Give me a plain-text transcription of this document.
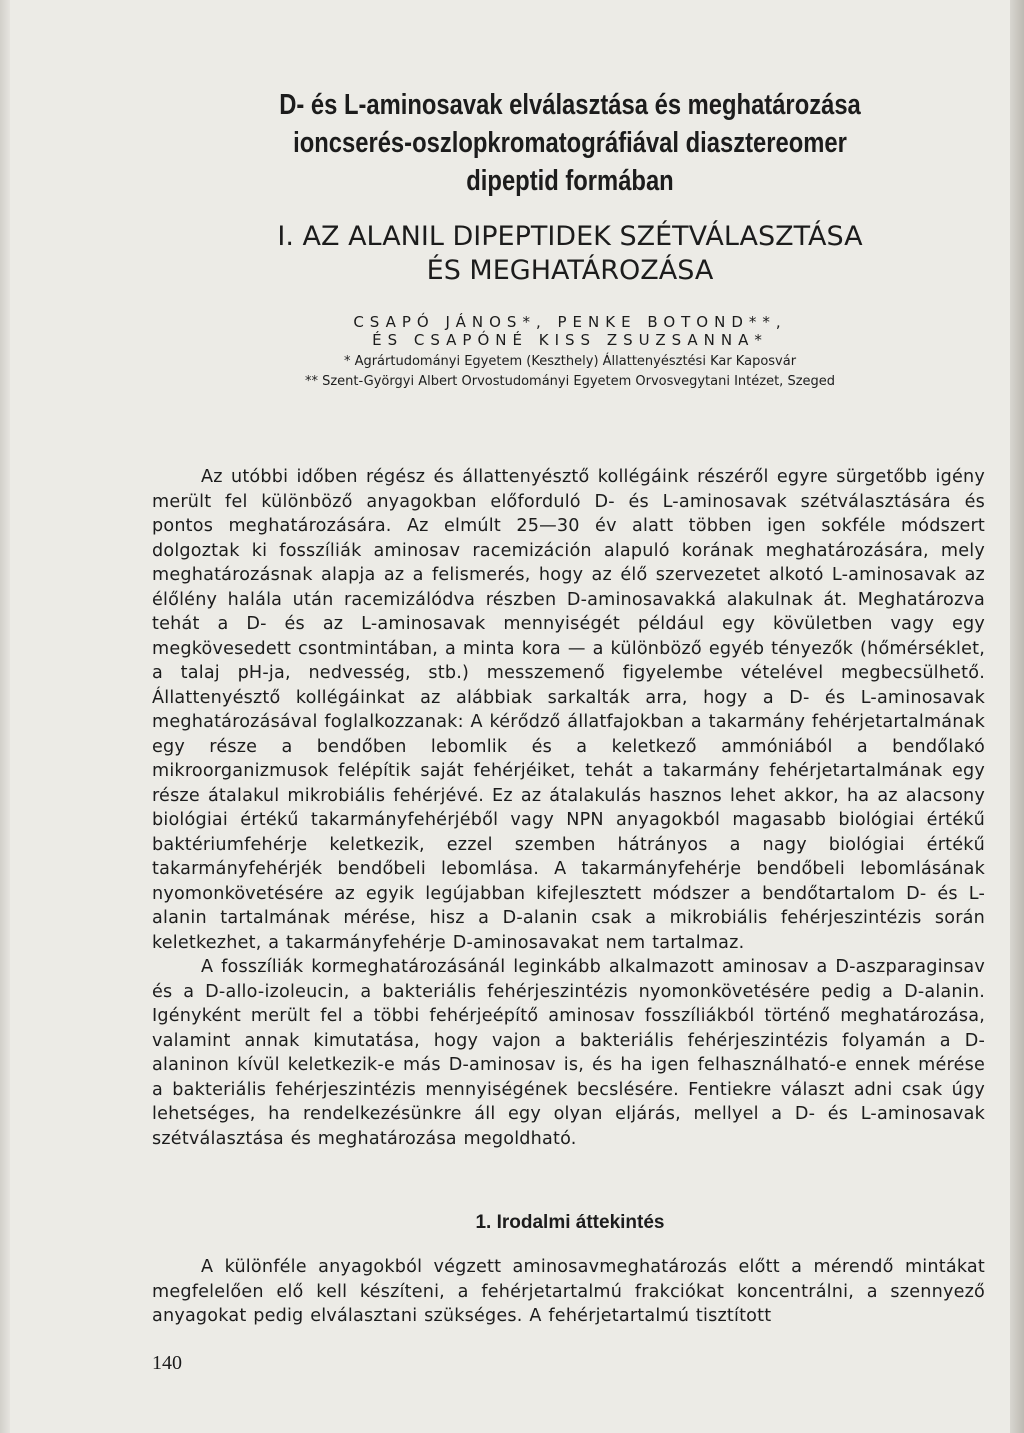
D- és L-aminosavak elválasztása és meghatározása
ioncserés-oszlopkromatográfiával diasztereomer
dipeptid formában
I. AZ ALANIL DIPEPTIDEK SZÉTVÁLASZTÁSA
ÉS MEGHATÁROZÁSA
CSAPÓ JÁNOS*, PENKE BOTOND**,
ÉS CSAPÓNÉ KISS ZSUZSANNA*
* Agrártudományi Egyetem (Keszthely) Állattenyésztési Kar Kaposvár
** Szent-Györgyi Albert Orvostudományi Egyetem Orvosvegytani Intézet, Szeged

Az utóbbi időben régész és állattenyésztő kollégáink részéről egyre sürgetőbb igény merült fel különböző anyagokban előforduló D- és L-aminosavak szétválasztására és pontos meghatározására. Az elmúlt 25—30 év alatt többen igen sokféle módszert dolgoztak ki fosszíliák aminosav racemizáción alapuló korának meghatározására, mely meghatározásnak alapja az a felismerés, hogy az élő szervezetet alkotó L-aminosavak az élőlény halála után racemizálódva részben D-aminosavakká alakulnak át. Meghatározva tehát a D- és az L-aminosavak mennyiségét például egy kövületben vagy egy megkövesedett csontmintában, a minta kora — a különböző egyéb tényezők (hőmérséklet, a talaj pH-ja, nedvesség, stb.) messzemenő figyelembe vételével megbecsülhető. Állattenyésztő kollégáinkat az alábbiak sarkalták arra, hogy a D- és L-aminosavak meghatározásával foglalkozzanak: A kérődző állatfajokban a takarmány fehérjetartalmának egy része a bendőben lebomlik és a keletkező ammóniából a bendőlakó mikroorganizmusok felépítik saját fehérjéiket, tehát a takarmány fehérjetartalmának egy része átalakul mikrobiális fehérjévé. Ez az átalakulás hasznos lehet akkor, ha az alacsony biológiai értékű takarmányfehérjéből vagy NPN anyagokból magasabb biológiai értékű baktériumfehérje keletkezik, ezzel szemben hátrányos a nagy biológiai értékű takarmányfehérjék bendőbeli lebomlása. A takarmányfehérje bendőbeli lebomlásának nyomonkövetésére az egyik legújabban kifejlesztett módszer a bendőtartalom D- és L-alanin tartalmának mérése, hisz a D-alanin csak a mikrobiális fehérjeszintézis során keletkezhet, a takarmányfehérje D-aminosavakat nem tartalmaz.

A fosszíliák kormeghatározásánál leginkább alkalmazott aminosav a D-aszparaginsav és a D-allo-izoleucin, a bakteriális fehérjeszintézis nyomonkövetésére pedig a D-alanin. Igényként merült fel a többi fehérjeépítő aminosav fosszíliákból történő meghatározása, valamint annak kimutatása, hogy vajon a bakteriális fehérjeszintézis folyamán a D-alaninon kívül keletkezik-e más D-aminosav is, és ha igen felhasználható-e ennek mérése a bakteriális fehérjeszintézis mennyiségének becslésére. Fentiekre választ adni csak úgy lehetséges, ha rendelkezésünkre áll egy olyan eljárás, mellyel a D- és L-aminosavak szétválasztása és meghatározása megoldható.

1. Irodalmi áttekintés

A különféle anyagokból végzett aminosavmeghatározás előtt a mérendő mintákat megfelelően elő kell készíteni, a fehérjetartalmú frakciókat koncentrálni, a szennyező anyagokat pedig elválasztani szükséges. A fehérjetartalmú tisztított

140
